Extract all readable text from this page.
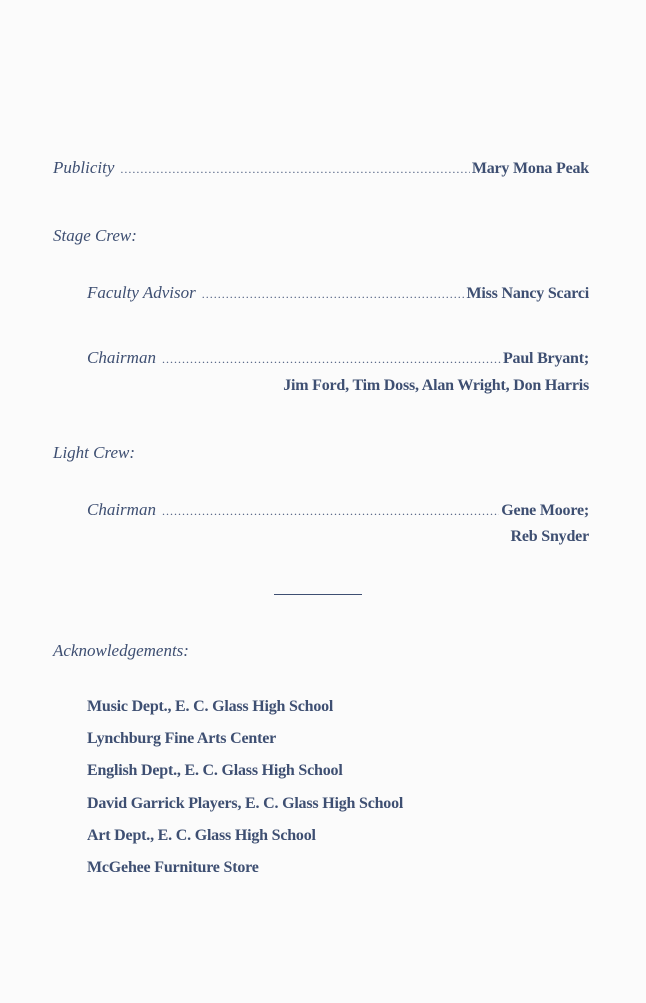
Publicity .....	Mary Mona Peak
Stage Crew:
Faculty Advisor .....	Miss Nancy Scarci
Chairman .....	Paul Bryant;
Jim Ford, Tim Doss, Alan Wright, Don Harris
Light Crew:
Chairman .....	Gene Moore;
Reb Snyder
Acknowledgements:
Music Dept., E. C. Glass High School
Lynchburg Fine Arts Center
English Dept., E. C. Glass High School
David Garrick Players, E. C. Glass High School
Art Dept., E. C. Glass High School
McGehee Furniture Store
